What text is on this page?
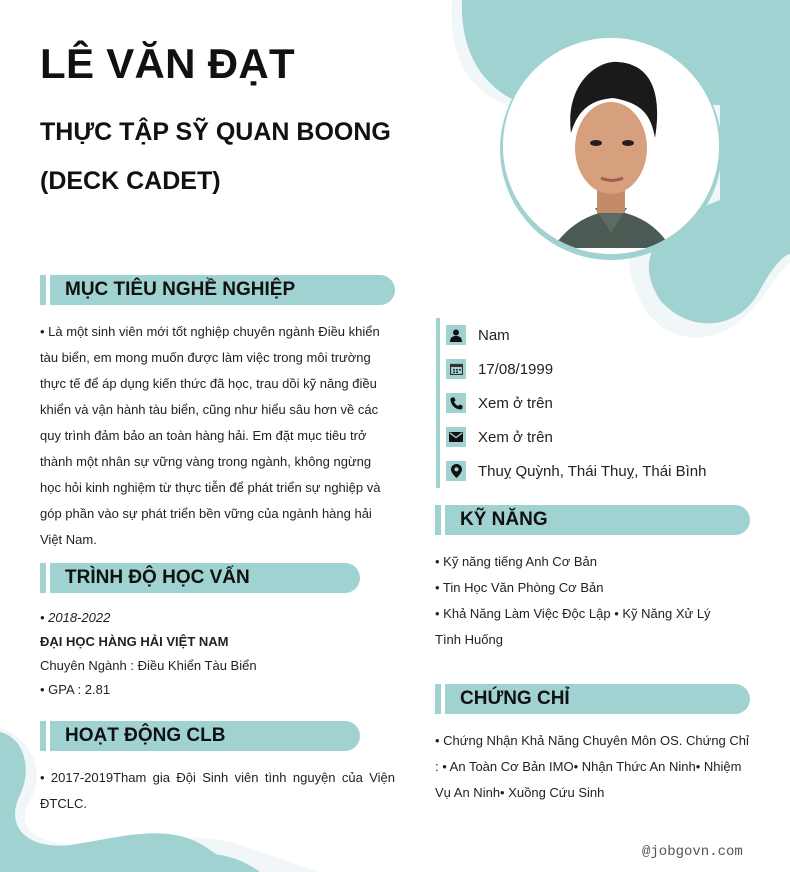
LÊ VĂN ĐẠT
THỰC TẬP SỸ QUAN BOONG
(DECK CADET)
MỤC TIÊU NGHỀ NGHIỆP
• Là một sinh viên mới tốt nghiệp chuyên ngành Điều khiển tàu biển, em mong muốn được làm việc trong môi trường thực tế để áp dụng kiến thức đã học, trau dồi kỹ năng điều khiển và vận hành tàu biển, cũng như hiểu sâu hơn về các quy trình đảm bảo an toàn hàng hải. Em đặt mục tiêu trở thành một nhân sự vững vàng trong ngành, không ngừng học hỏi kinh nghiệm từ thực tiễn để phát triển sự nghiệp và góp phần vào sự phát triển bền vững của ngành hàng hải Việt Nam.
TRÌNH ĐỘ HỌC VẤN
• 2018-2022
ĐẠI HỌC HÀNG HẢI VIỆT NAM
Chuyên Ngành : Điều Khiển Tàu Biển
• GPA : 2.81
HOẠT ĐỘNG CLB
• 2017-2019Tham gia Đội Sinh viên tình nguyện của Viện ĐTCLC.
Nam
17/08/1999
Xem ở trên
Xem ở trên
Thuỵ Quỳnh, Thái Thuỵ, Thái Bình
KỸ NĂNG
• Kỹ năng tiếng Anh Cơ Bản
• Tin Học Văn Phòng Cơ Bản
• Khả Năng Làm Việc Độc Lập • Kỹ Năng Xử Lý Tình Huống
CHỨNG CHỈ
• Chứng Nhận Khả Năng Chuyên Môn OS. Chứng Chỉ : • An Toàn Cơ Bản IMO• Nhận Thức An Ninh• Nhiệm Vụ An Ninh• Xuồng Cứu Sinh
@jobgovn.com
